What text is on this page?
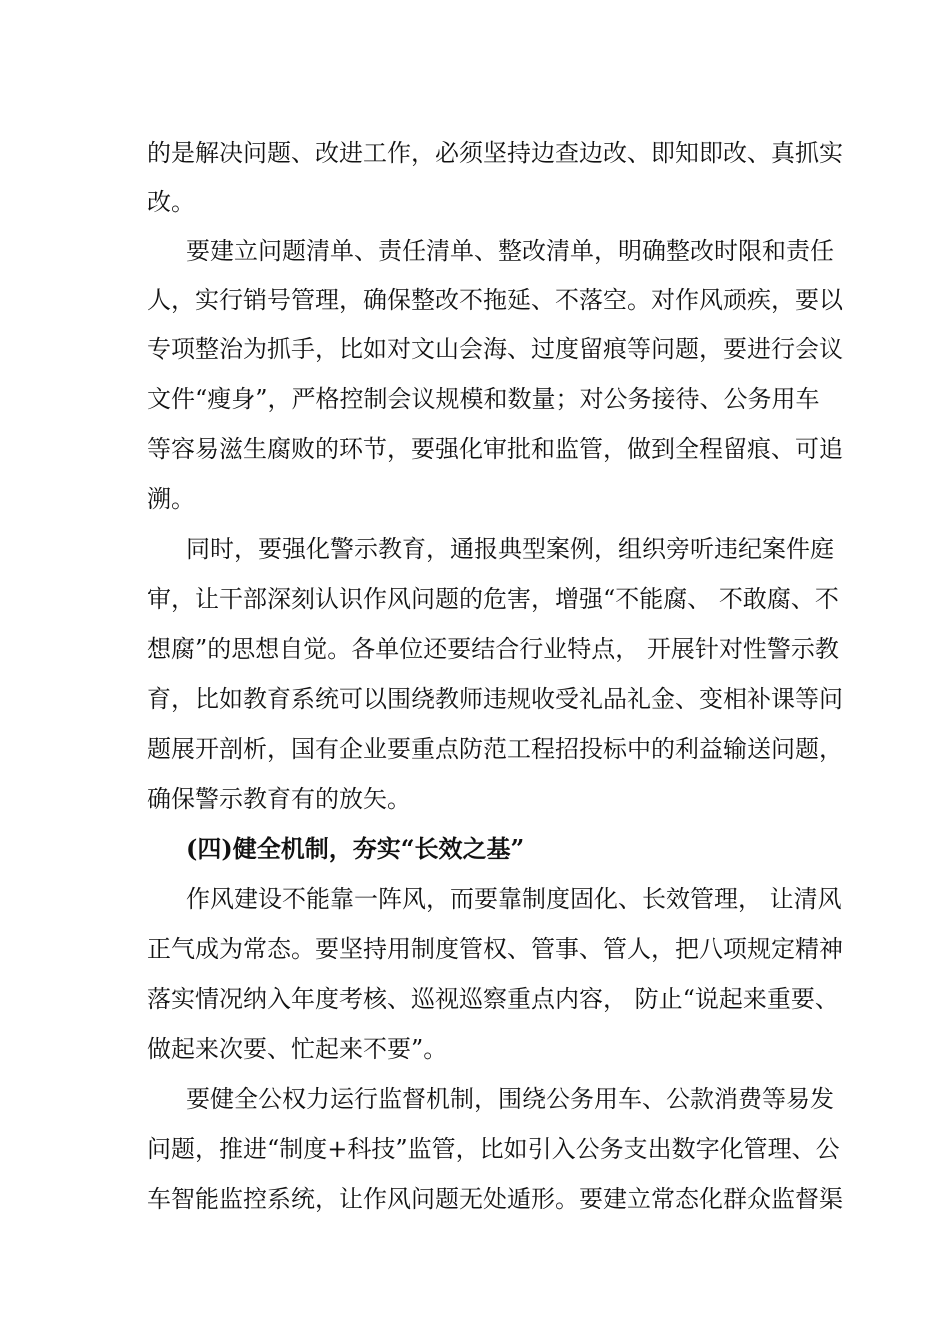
的是解决问题、改进工作，必须坚持边查边改、即知即改、真抓实
改。
要建立问题清单、责任清单、整改清单，明确整改时限和责任
人，实行销号管理，确保整改不拖延、不落空。对作风顽疾，要以
专项整治为抓手，比如对文山会海、过度留痕等问题，要进行会议
文件“瘦身”，严格控制会议规模和数量；对公务接待、公务用车
等容易滋生腐败的环节，要强化审批和监管，做到全程留痕、可追
溯。
同时，要强化警示教育，通报典型案例，组织旁听违纪案件庭
审，让干部深刻认识作风问题的危害，增强“不能腐、 不敢腐、不
想腐”的思想自觉。各单位还要结合行业特点， 开展针对性警示教
育，比如教育系统可以围绕教师违规收受礼品礼金、变相补课等问
题展开剖析，国有企业要重点防范工程招投标中的利益输送问题，
确保警示教育有的放矢。
(四)健全机制，夯实“长效之基”
作风建设不能靠一阵风，而要靠制度固化、长效管理， 让清风
正气成为常态。要坚持用制度管权、管事、管人，把八项规定精神
落实情况纳入年度考核、巡视巡察重点内容， 防止“说起来重要、
做起来次要、忙起来不要”。
要健全公权力运行监督机制，围绕公务用车、公款消费等易发
问题，推进“制度+科技”监管，比如引入公务支出数字化管理、公
车智能监控系统，让作风问题无处遁形。要建立常态化群众监督渠
